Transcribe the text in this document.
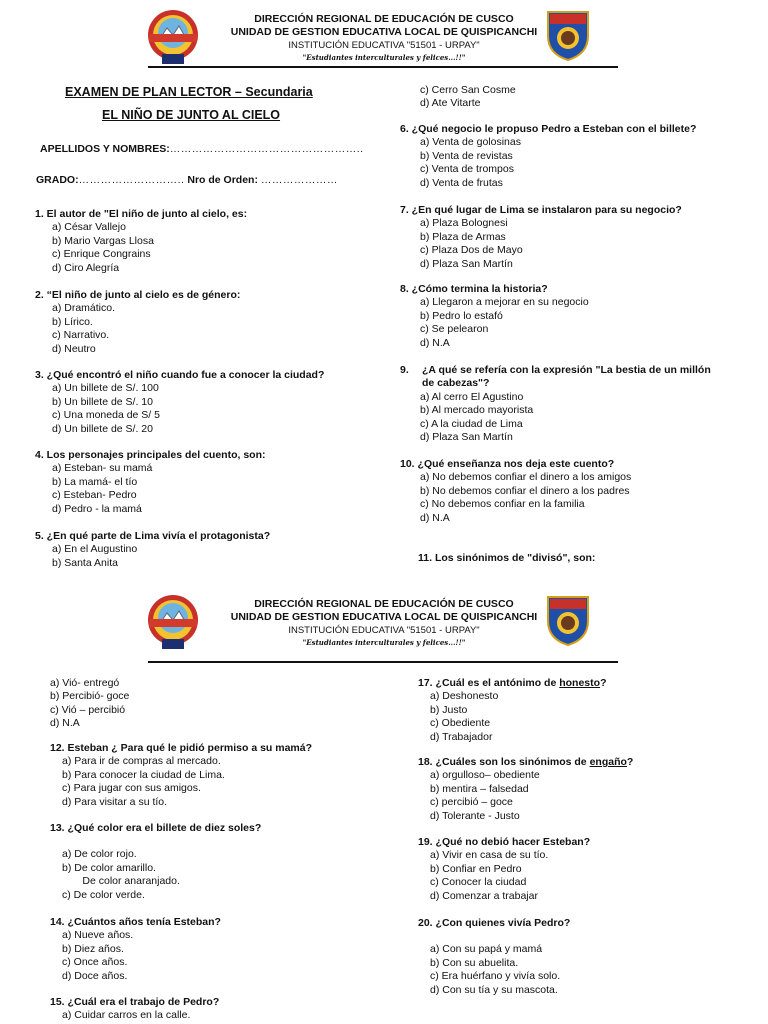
DIRECCIÓN REGIONAL DE EDUCACIÓN DE CUSCO
UNIDAD DE GESTION EDUCATIVA LOCAL DE QUISPICANCHI
INSTITUCIÓN EDUCATIVA "51501 - URPAY"
"Estudiantes interculturales y felices...!!"
EXAMEN DE PLAN LECTOR – Secundaria
EL NIÑO DE JUNTO AL CIELO
APELLIDOS Y NOMBRES:……………………………………………..
GRADO:……………………….. Nro de Orden: …………………
1. El autor de "El niño de junto al cielo, es:
a) César Vallejo
b) Mario Vargas Llosa
c) Enrique Congrains
d) Ciro Alegría
2. “El niño de junto al cielo es de género:
a) Dramático.
b) Lírico.
c) Narrativo.
d) Neutro
3. ¿Qué encontró el niño cuando fue a conocer la ciudad?
a) Un billete de S/. 100
b) Un billete de S/. 10
c) Una moneda de S/ 5
d) Un billete de S/. 20
4. Los personajes principales del cuento, son:
a) Esteban- su mamá
b) La mamá- el tío
c) Esteban- Pedro
d) Pedro - la mamá
5. ¿En qué parte de Lima vivía el protagonista?
a) En el Augustino
b) Santa Anita
c) Cerro San Cosme
d) Ate Vitarte
6. ¿Qué negocio le propuso Pedro a Esteban con el billete?
a) Venta de golosinas
b) Venta de revistas
c) Venta de trompos
d) Venta de frutas
7. ¿En qué lugar de Lima se instalaron para su negocio?
a) Plaza Bolognesi
b) Plaza de Armas
c) Plaza Dos de Mayo
d) Plaza San Martín
8. ¿Cómo termina la historia?
a) Llegaron a mejorar en su negocio
b) Pedro lo estafó
c) Se pelearon
d) N.A
9.	¿A qué se refería con la expresión "La bestia de un millón de cabezas"?
a) Al cerro El Agustino
b) Al mercado mayorista
c) A la ciudad de Lima
d) Plaza San Martín
10. ¿Qué enseñanza nos deja este cuento?
a) No debemos confiar el dinero a los amigos
b) No debemos confiar el dinero a los padres
c) No debemos confiar en la familia
d) N.A
11. Los sinónimos de "divisó", son:
DIRECCIÓN REGIONAL DE EDUCACIÓN DE CUSCO
UNIDAD DE GESTION EDUCATIVA LOCAL DE QUISPICANCHI
INSTITUCIÓN EDUCATIVA "51501 - URPAY"
"Estudiantes interculturales y felices...!!"
a) Vió- entregó
b) Percibió- goce
c) Vió – percibió
d) N.A
12. Esteban ¿ Para qué le pidió permiso a su mamá?
a) Para ir de compras al mercado.
b) Para conocer la ciudad de Lima.
c) Para jugar con sus amigos.
d) Para visitar a su tío.
13. ¿Qué color era el billete de diez soles?
a) De color rojo.
b) De color amarillo.
De color anaranjado.
c) De color verde.
14. ¿Cuántos años tenía Esteban?
a) Nueve años.
b) Diez años.
c) Once años.
d) Doce años.
15. ¿Cuál era el trabajo de Pedro?
a) Cuidar carros en la calle.
17. ¿Cuál es el antónimo de honesto?
a) Deshonesto
b) Justo
c) Obediente
d) Trabajador
18. ¿Cuáles son los sinónimos de engaño?
a) orgulloso– obediente
b) mentira – falsedad
c) percibió – goce
d) Tolerante - Justo
19. ¿Qué no debió hacer Esteban?
a) Vivir en casa de su tío.
b) Confiar en Pedro
c) Conocer la ciudad
d) Comenzar a trabajar
20. ¿Con quienes vivía Pedro?
a) Con su papá y mamá
b) Con su abuelita.
c) Era huérfano y vivía solo.
d) Con su tía y su mascota.
